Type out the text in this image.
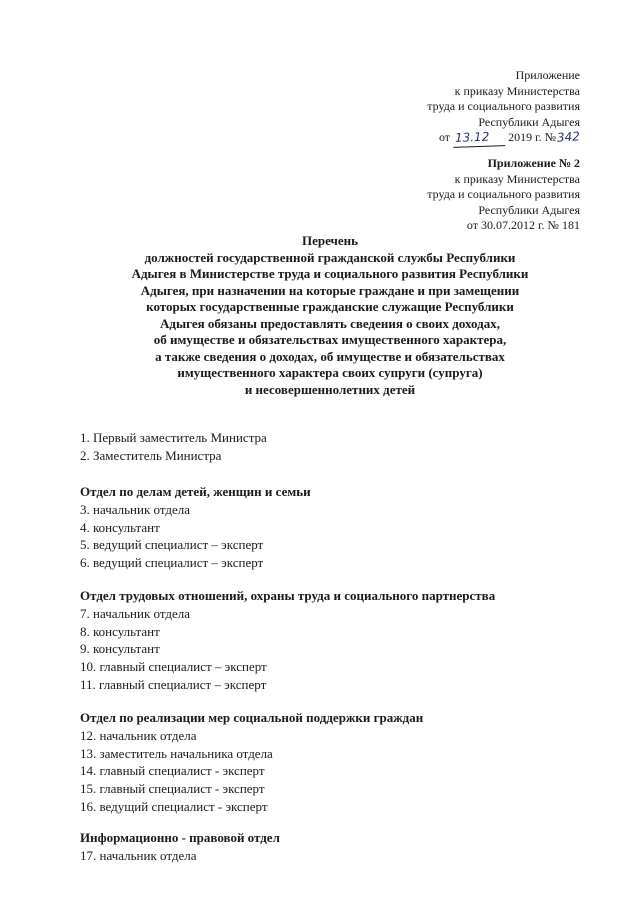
Приложение
к приказу Министерства
труда и социального развития
Республики Адыгея
от 13.12 2019 г. №342
Приложение № 2
к приказу Министерства
труда и социального развития
Республики Адыгея
от 30.07.2012 г. № 181
Перечень
должностей государственной гражданской службы Республики
Адыгея в Министерстве труда и социального развития Республики
Адыгея, при назначении на которые граждане и при замещении
которых государственные гражданские служащие Республики
Адыгея обязаны предоставлять сведения о своих доходах,
об имуществе и обязательствах имущественного характера,
а также сведения о доходах, об имуществе и обязательствах
имущественного характера своих супруги (супруга)
и несовершеннолетних детей
1. Первый заместитель Министра
2. Заместитель Министра
Отдел по делам детей, женщин и семьи
3. начальник отдела
4. консультант
5. ведущий специалист – эксперт
6. ведущий специалист – эксперт
Отдел трудовых отношений, охраны труда и социального партнерства
7. начальник отдела
8. консультант
9. консультант
10. главный специалист – эксперт
11. главный специалист – эксперт
Отдел по реализации мер социальной поддержки граждан
12. начальник отдела
13. заместитель начальника отдела
14. главный специалист - эксперт
15. главный специалист - эксперт
16. ведущий специалист - эксперт
Информационно - правовой отдел
17. начальник отдела
